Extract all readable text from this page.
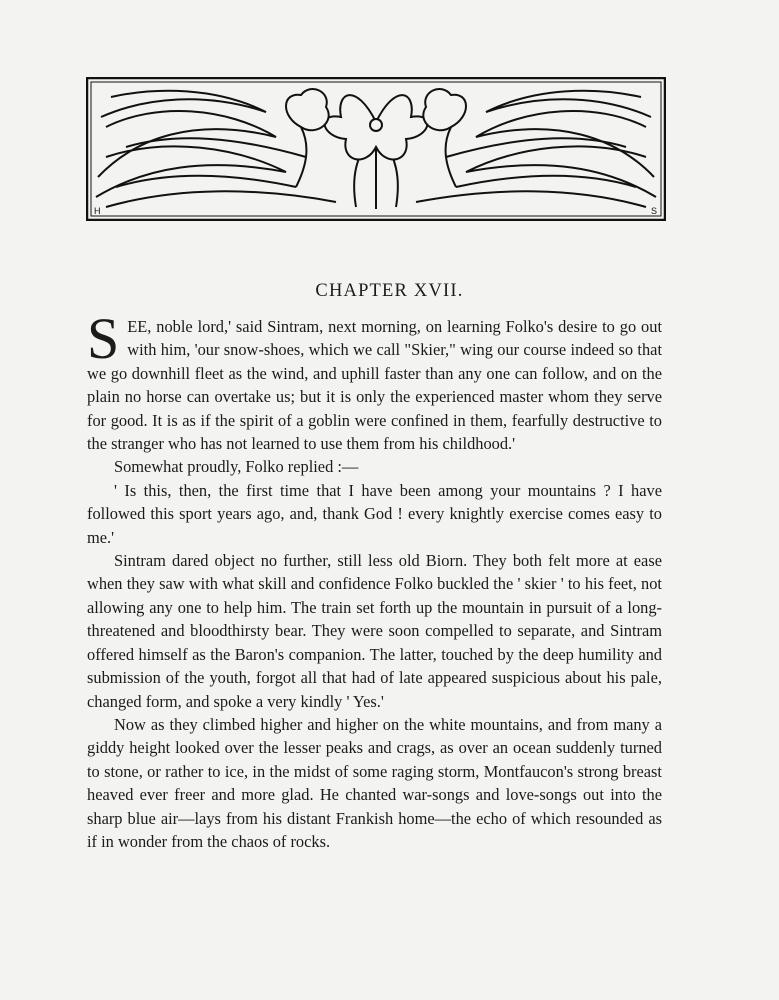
H	S
CHAPTER XVII.

SEE, noble lord,' said Sintram, next morning, on learning Folko's desire to go out with him, 'our snow-shoes, which we call "Skier," wing our course indeed so that we go downhill fleet as the wind, and uphill faster than any one can follow, and on the plain no horse can overtake us; but it is only the experienced master whom they serve for good. It is as if the spirit of a goblin were confined in them, fearfully destructive to the stranger who has not learned to use them from his childhood.'

Somewhat proudly, Folko replied :—

' Is this, then, the first time that I have been among your mountains ? I have followed this sport years ago, and, thank God ! every knightly exercise comes easy to me.'

Sintram dared object no further, still less old Biorn. They both felt more at ease when they saw with what skill and confidence Folko buckled the ' skier ' to his feet, not allowing any one to help him. The train set forth up the mountain in pursuit of a long-threatened and bloodthirsty bear. They were soon compelled to separate, and Sintram offered himself as the Baron's companion. The latter, touched by the deep humility and submission of the youth, forgot all that had of late appeared suspicious about his pale, changed form, and spoke a very kindly ' Yes.'

Now as they climbed higher and higher on the white mountains, and from many a giddy height looked over the lesser peaks and crags, as over an ocean suddenly turned to stone, or rather to ice, in the midst of some raging storm, Montfaucon's strong breast heaved ever freer and more glad. He chanted war-songs and love-songs out into the sharp blue air—lays from his distant Frankish home—the echo of which resounded as if in wonder from the chaos of rocks.
